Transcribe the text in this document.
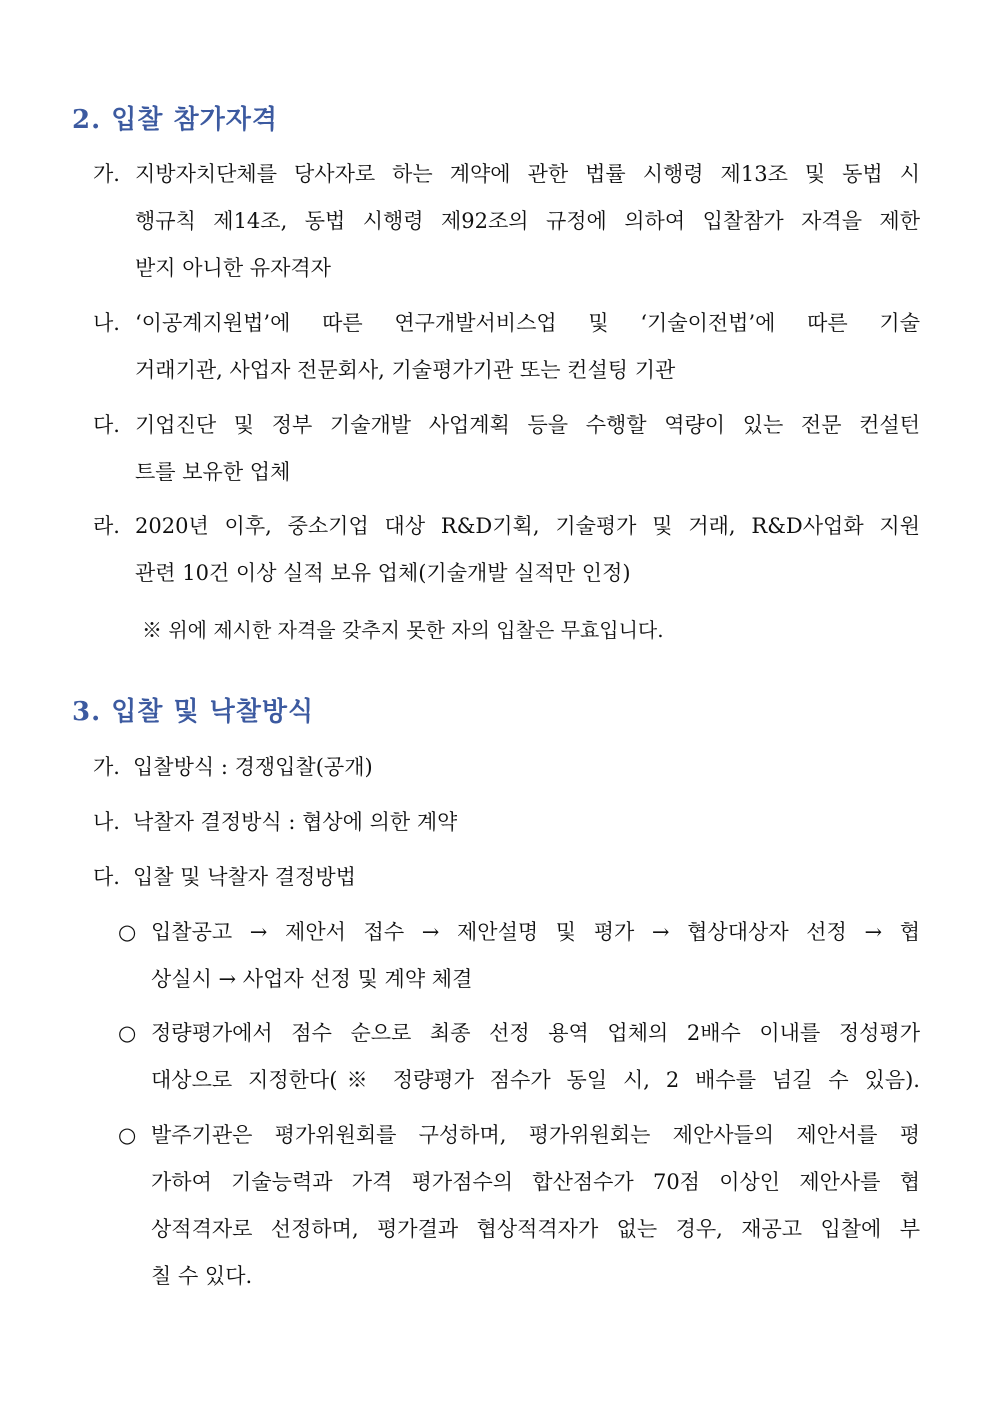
2. 입찰 참가자격
가. 지방자치단체를 당사자로 하는 계약에 관한 법률 시행령 제13조 및 동법 시
행규칙 제14조, 동법 시행령 제92조의 규정에 의하여 입찰참가 자격을 제한
받지 아니한 유자격자
나. ‘이공계지원법’에 따른 연구개발서비스업 및 ‘기술이전법’에 따른 기술
거래기관, 사업자 전문회사, 기술평가기관 또는 컨설팅 기관
다. 기업진단 및 정부 기술개발 사업계획 등을 수행할 역량이 있는 전문 컨설턴
트를 보유한 업체
라. 2020년 이후, 중소기업 대상 R&D기획, 기술평가 및 거래, R&D사업화 지원
관련 10건 이상 실적 보유 업체(기술개발 실적만 인정)
※ 위에 제시한 자격을 갖추지 못한 자의 입찰은 무효입니다.
3. 입찰 및 낙찰방식
가. 입찰방식 : 경쟁입찰(공개)
나. 낙찰자 결정방식 : 협상에 의한 계약
다. 입찰 및 낙찰자 결정방법
○ 입찰공고 → 제안서 접수 → 제안설명 및 평가 → 협상대상자 선정 → 협
상실시 → 사업자 선정 및 계약 체결
○ 정량평가에서 점수 순으로 최종 선정 용역 업체의 2배수 이내를 정성평가
대상으로 지정한다(※ 정량평가 점수가 동일 시, 2 배수를 넘길 수 있음).
○ 발주기관은 평가위원회를 구성하며, 평가위원회는 제안사들의 제안서를 평
가하여 기술능력과 가격 평가점수의 합산점수가 70점 이상인 제안사를 협
상적격자로 선정하며, 평가결과 협상적격자가 없는 경우, 재공고 입찰에 부
칠 수 있다.
